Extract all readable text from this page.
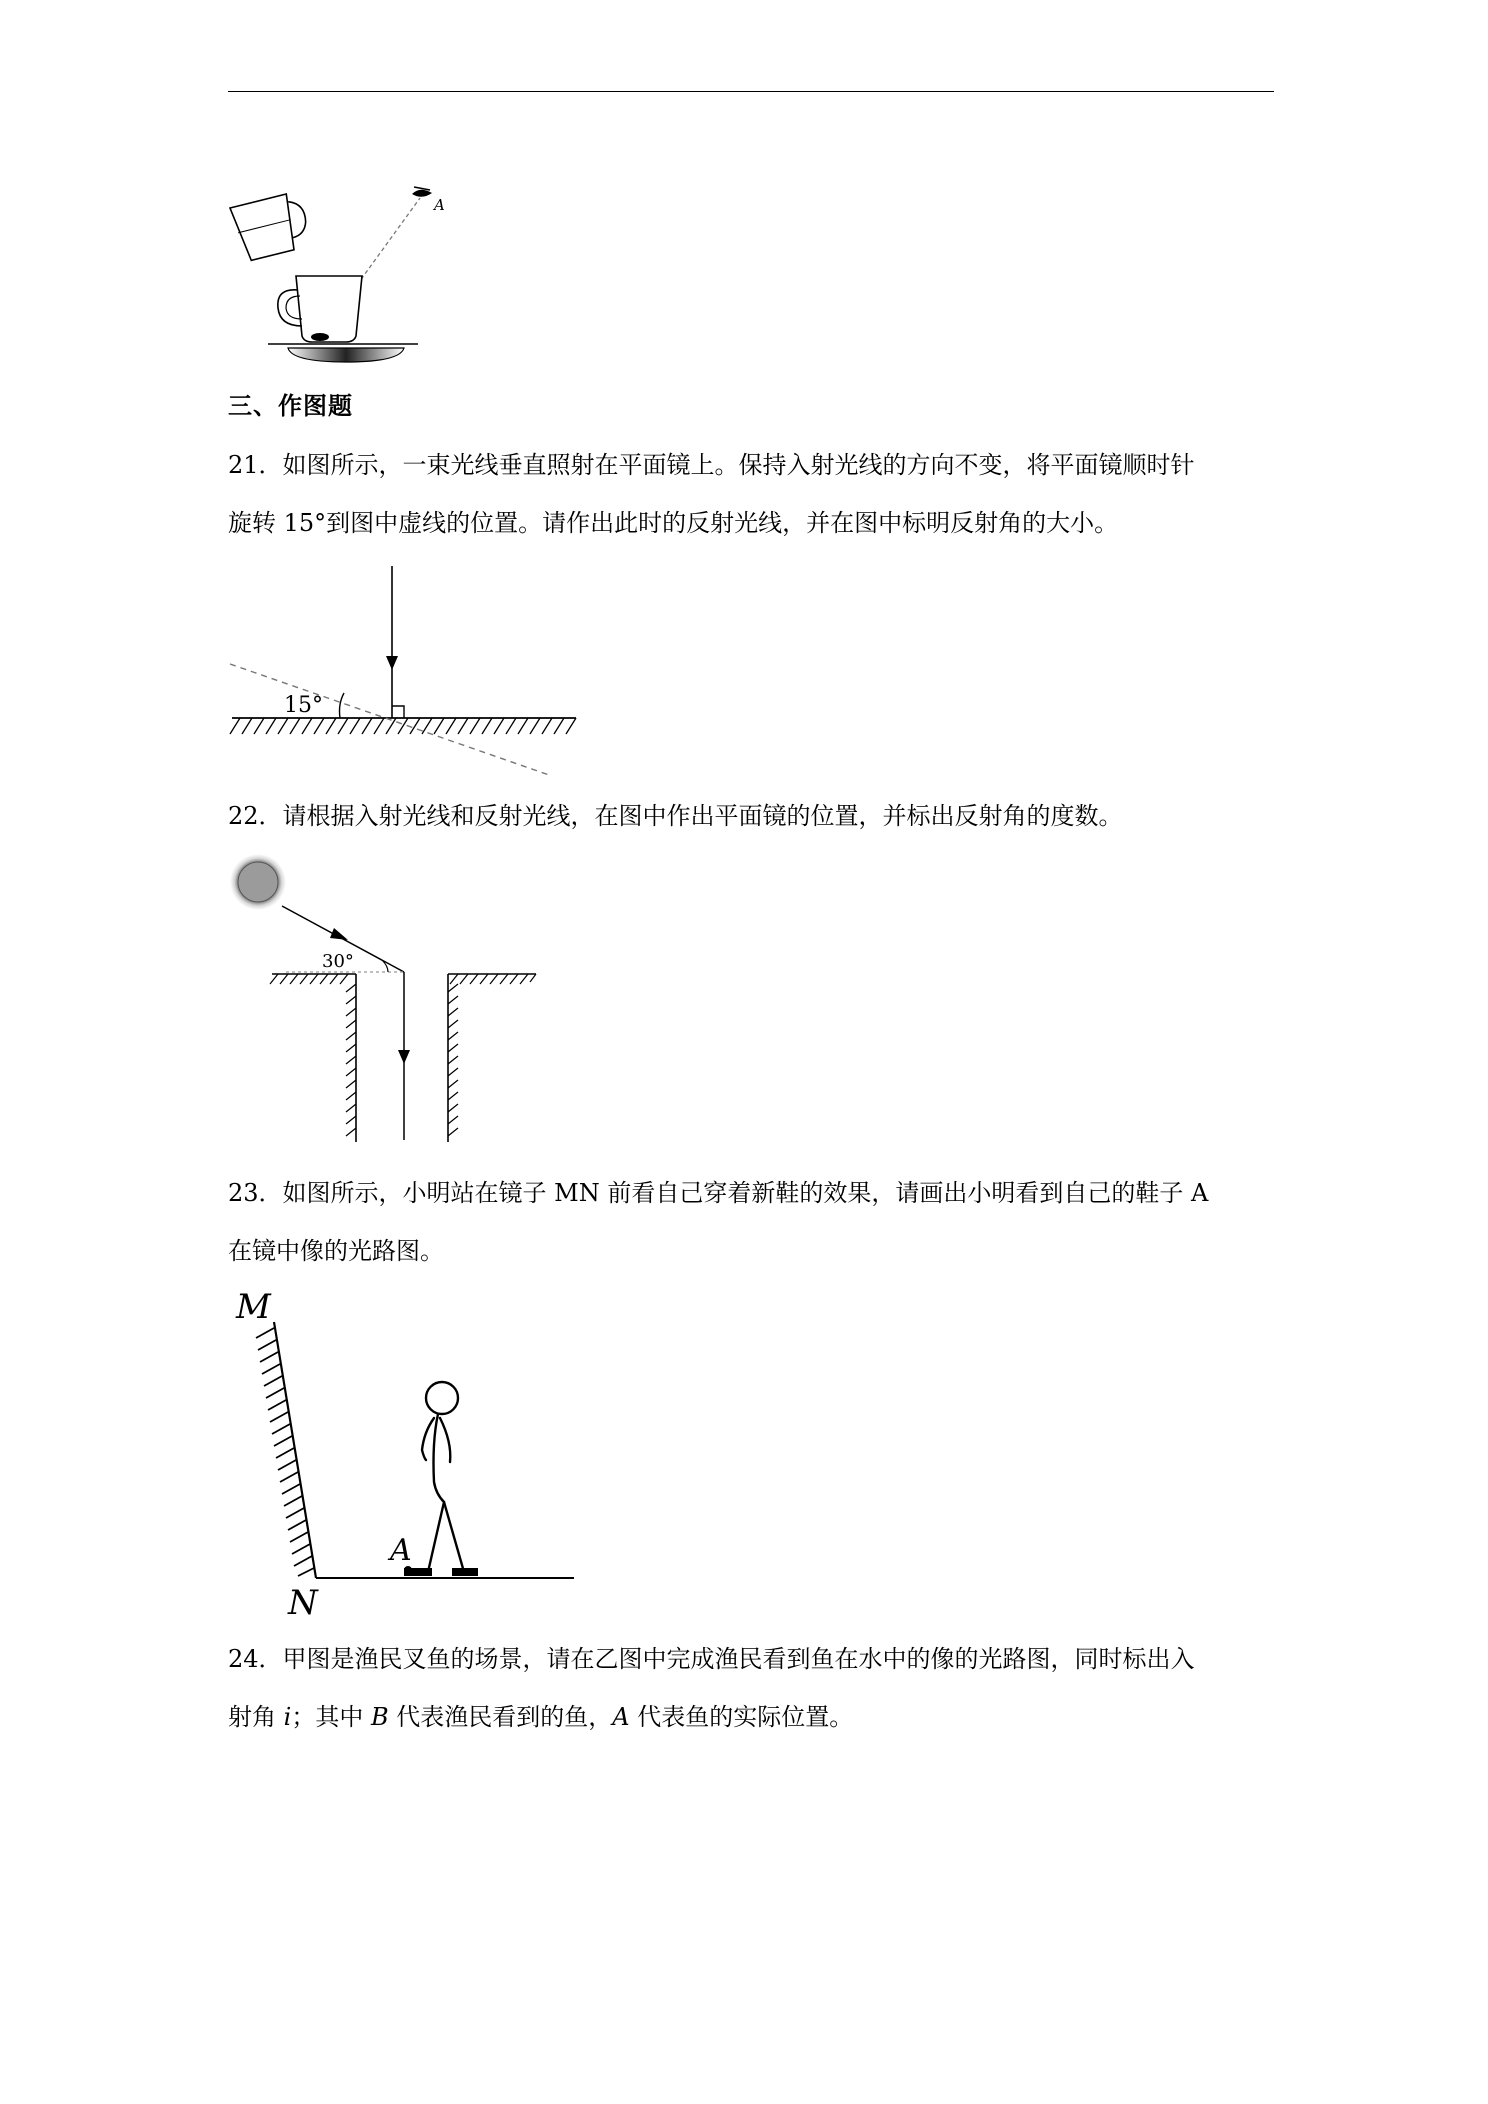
A
三、作图题
21．如图所示，一束光线垂直照射在平面镜上。保持入射光线的方向不变，将平面镜顺时针
旋转 15°到图中虚线的位置。请作出此时的反射光线，并在图中标明反射角的大小。
15°
22．请根据入射光线和反射光线，在图中作出平面镜的位置，并标出反射角的度数。
30°
23．如图所示，小明站在镜子 MN 前看自己穿着新鞋的效果，请画出小明看到自己的鞋子 A
在镜中像的光路图。
M
N
A
24．甲图是渔民叉鱼的场景，请在乙图中完成渔民看到鱼在水中的像的光路图，同时标出入
射角 i；其中 B 代表渔民看到的鱼，A 代表鱼的实际位置。
